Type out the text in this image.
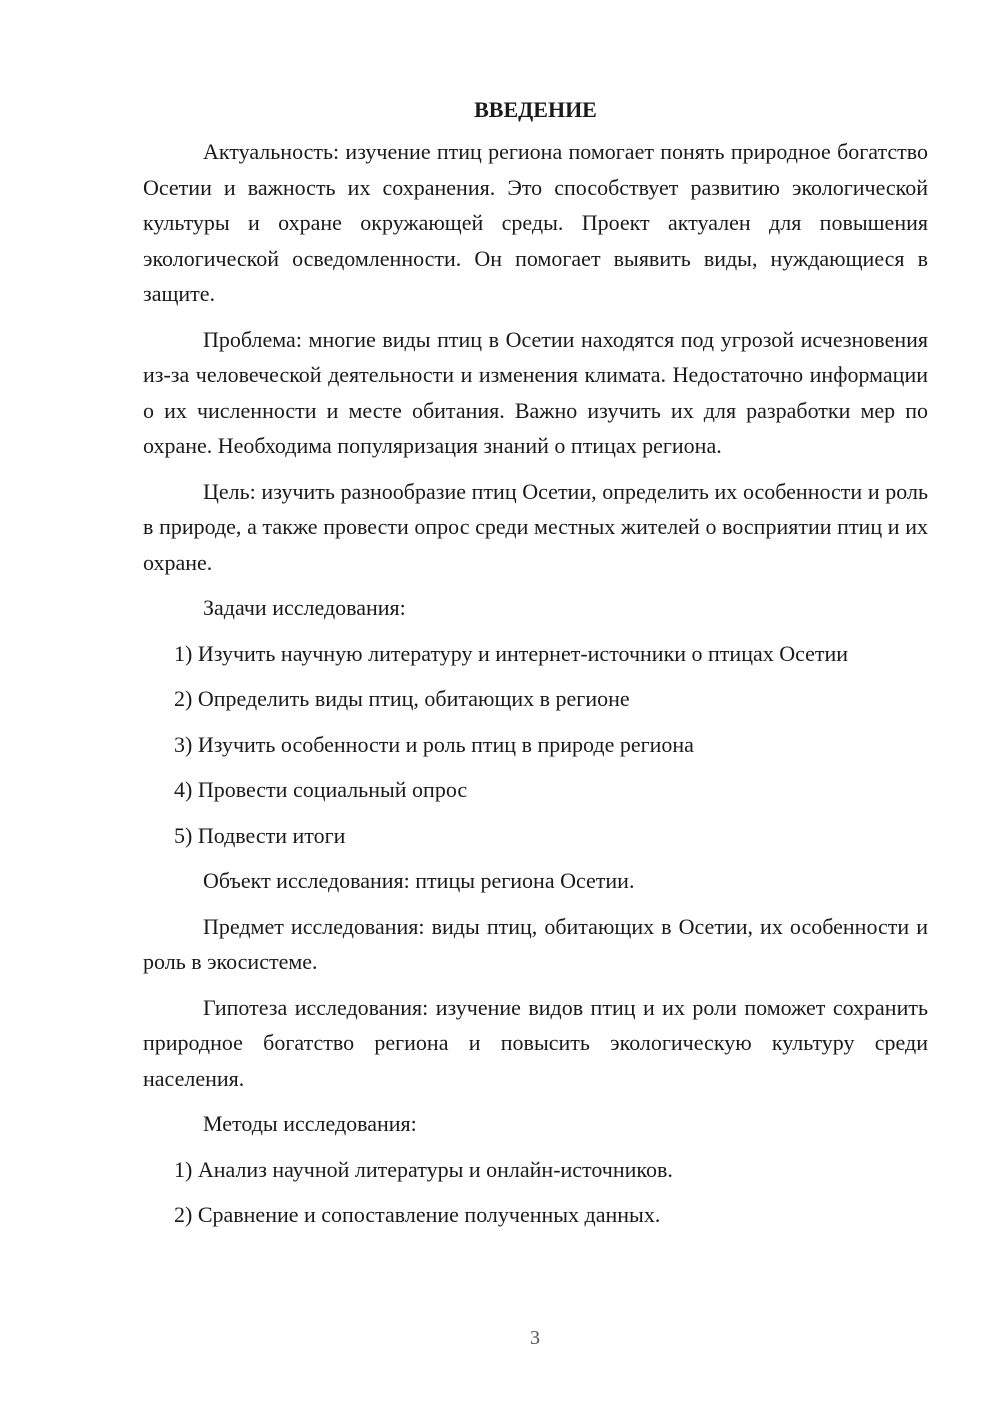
ВВЕДЕНИЕ

Актуальность: изучение птиц региона помогает понять природное богатство Осетии и важность их сохранения. Это способствует развитию экологической культуры и охране окружающей среды. Проект актуален для повышения экологической осведомленности. Он помогает выявить виды, нуждающиеся в защите.

Проблема: многие виды птиц в Осетии находятся под угрозой исчезновения из-за человеческой деятельности и изменения климата. Недостаточно информации о их численности и месте обитания. Важно изучить их для разработки мер по охране. Необходима популяризация знаний о птицах региона.

Цель: изучить разнообразие птиц Осетии, определить их особенности и роль в природе, а также провести опрос среди местных жителей о восприятии птиц и их охране.

Задачи исследования:

1) Изучить научную литературу и интернет-источники о птицах Осетии

2) Определить виды птиц, обитающих в регионе

3) Изучить особенности и роль птиц в природе региона

4) Провести социальный опрос

5) Подвести итоги

Объект исследования: птицы региона Осетии.

Предмет исследования: виды птиц, обитающих в Осетии, их особенности и роль в экосистеме.

Гипотеза исследования: изучение видов птиц и их роли поможет сохранить природное богатство региона и повысить экологическую культуру среди населения.

Методы исследования:

1) Анализ научной литературы и онлайн-источников.

2) Сравнение и сопоставление полученных данных.

3
